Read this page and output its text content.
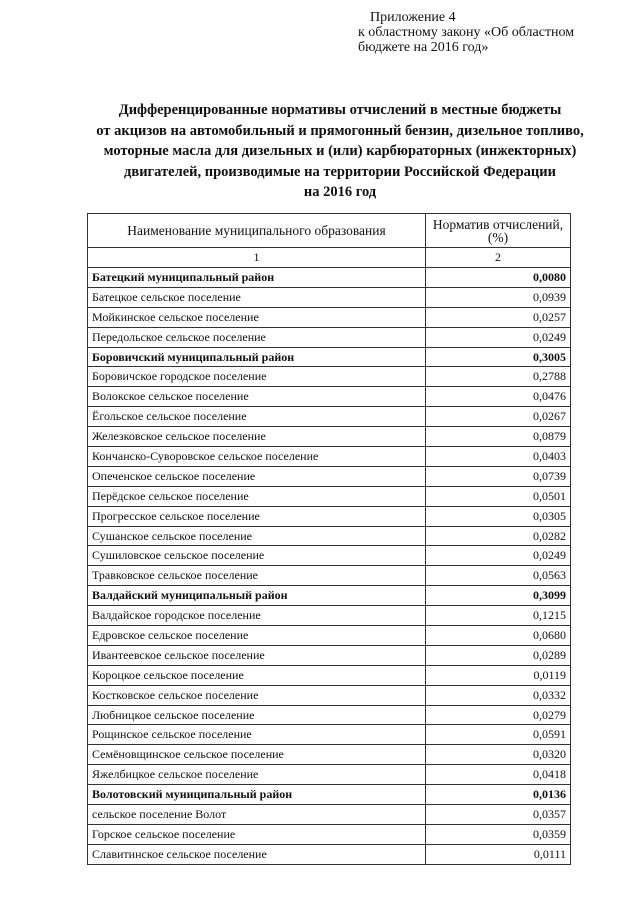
Приложение 4
к областному закону «Об областном
бюджете на 2016 год»
Дифференцированные нормативы отчислений в местные бюджеты
от акцизов на автомобильный и прямогонный бензин, дизельное топливо,
моторные масла для дизельных и (или) карбюраторных (инжекторных)
двигателей, производимые на территории Российской Федерации
на 2016 год
Наименование муниципального образования	Норматив отчислений, (%)
1	2
Батецкий муниципальный район	0,0080
Батецкое сельское поселение	0,0939
Мойкинское сельское поселение	0,0257
Передольское сельское поселение	0,0249
Боровичский муниципальный район	0,3005
Боровичское городское поселение	0,2788
Волокское сельское поселение	0,0476
Ёгольское сельское поселение	0,0267
Железковское сельское поселение	0,0879
Кончанско-Суворовское сельское поселение	0,0403
Опеченское сельское поселение	0,0739
Перёдское сельское поселение	0,0501
Прогресское сельское поселение	0,0305
Сушанское сельское поселение	0,0282
Сушиловское сельское поселение	0,0249
Травковское сельское поселение	0,0563
Валдайский муниципальный район	0,3099
Валдайское городское поселение	0,1215
Едровское сельское поселение	0,0680
Ивантеевское сельское поселение	0,0289
Короцкое сельское поселение	0,0119
Костковское сельское поселение	0,0332
Любницкое сельское поселение	0,0279
Рощинское сельское поселение	0,0591
Семёновщинское сельское поселение	0,0320
Яжелбицкое сельское поселение	0,0418
Волотовский муниципальный район	0,0136
сельское поселение Волот	0,0357
Горское сельское поселение	0,0359
Славитинское сельское поселение	0,0111
